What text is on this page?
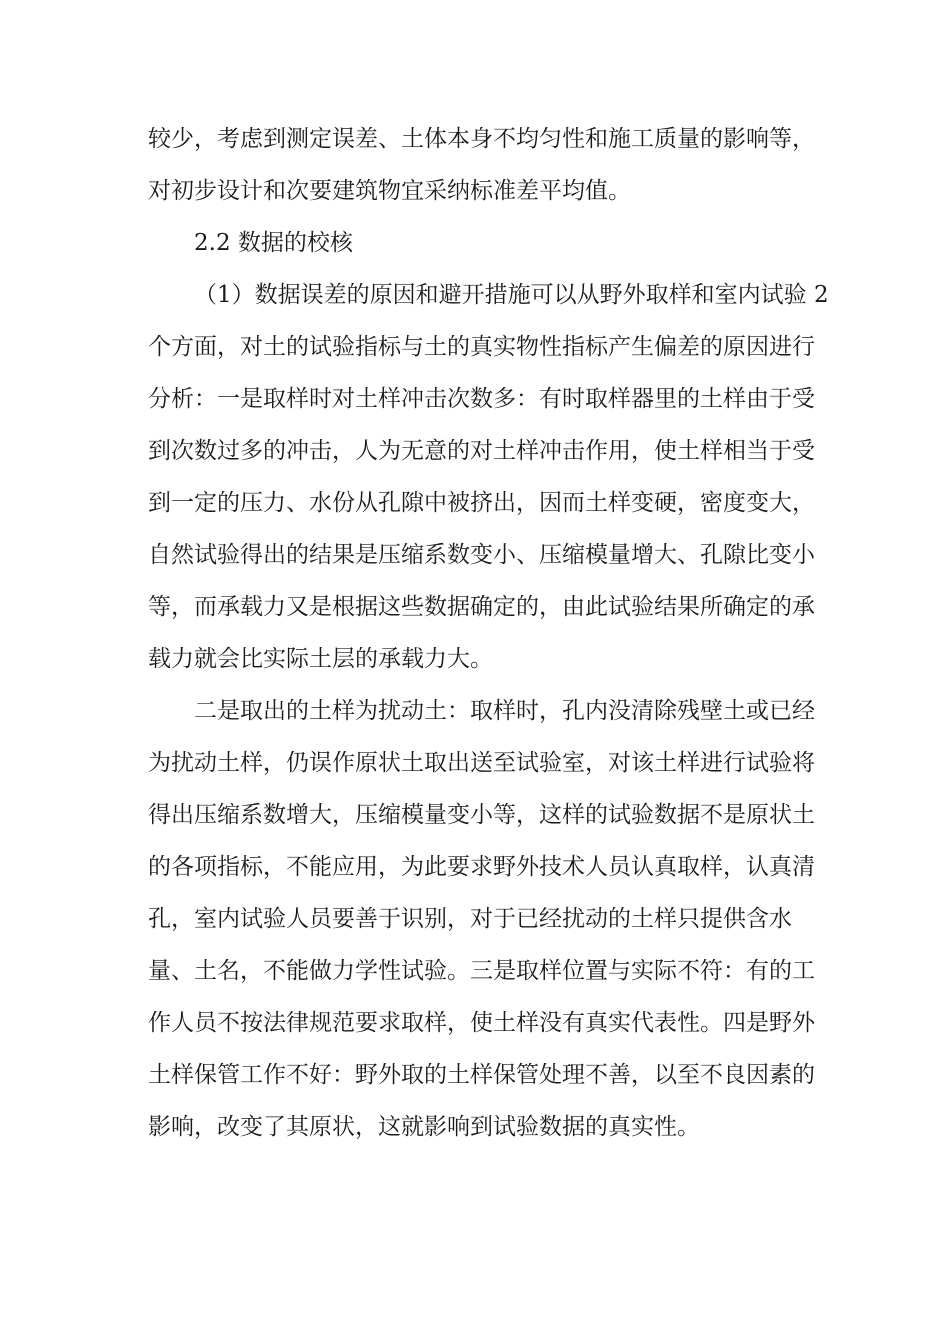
较少，考虑到测定误差、土体本身不均匀性和施工质量的影响等，
对初步设计和次要建筑物宜采纳标准差平均值。
2.2 数据的校核
（1）数据误差的原因和避开措施可以从野外取样和室内试验 2
个方面，对土的试验指标与土的真实物性指标产生偏差的原因进行
分析：一是取样时对土样冲击次数多：有时取样器里的土样由于受
到次数过多的冲击，人为无意的对土样冲击作用，使土样相当于受
到一定的压力、水份从孔隙中被挤出，因而土样变硬，密度变大，
自然试验得出的结果是压缩系数变小、压缩模量增大、孔隙比变小
等，而承载力又是根据这些数据确定的，由此试验结果所确定的承
载力就会比实际土层的承载力大。
二是取出的土样为扰动土：取样时，孔内没清除残壁土或已经
为扰动土样，仍误作原状土取出送至试验室，对该土样进行试验将
得出压缩系数增大，压缩模量变小等，这样的试验数据不是原状土
的各项指标，不能应用，为此要求野外技术人员认真取样，认真清
孔，室内试验人员要善于识别，对于已经扰动的土样只提供含水
量、土名，不能做力学性试验。三是取样位置与实际不符：有的工
作人员不按法律规范要求取样，使土样没有真实代表性。四是野外
土样保管工作不好：野外取的土样保管处理不善，以至不良因素的
影响，改变了其原状，这就影响到试验数据的真实性。
